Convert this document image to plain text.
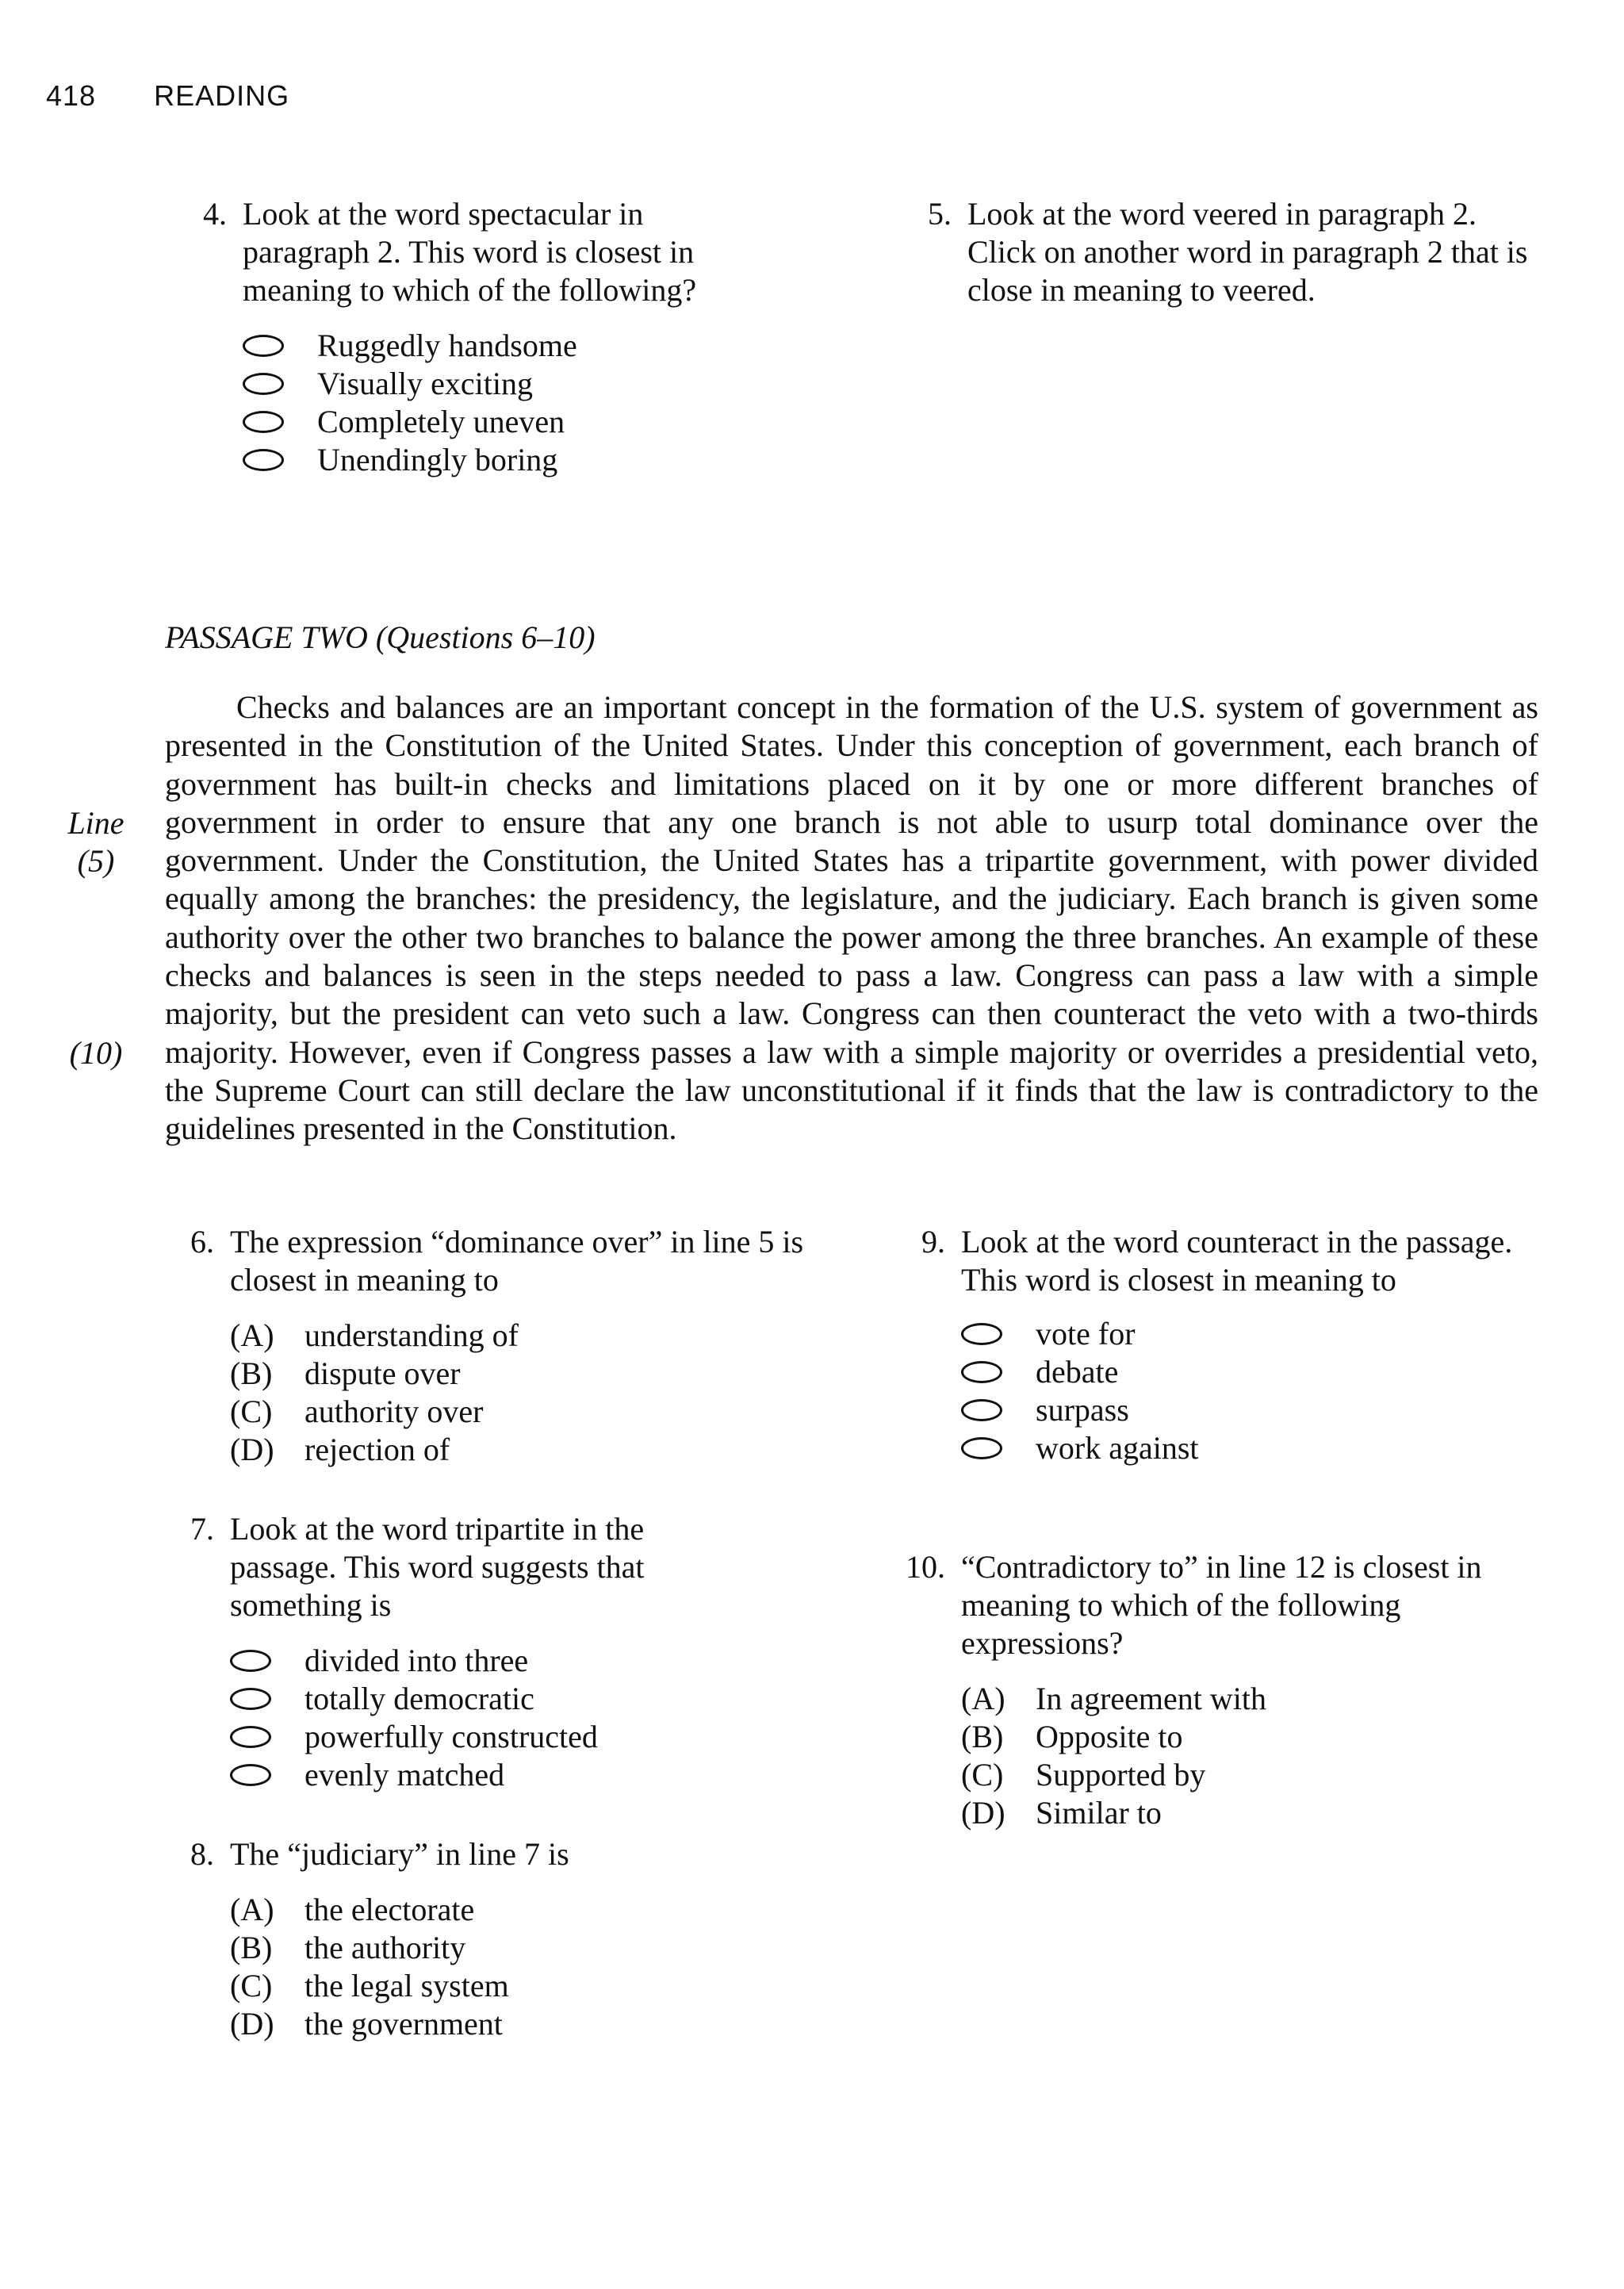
418 READING
4. Look at the word spectacular in paragraph 2. This word is closest in meaning to which of the following?
Ruggedly handsome
Visually exciting
Completely uneven
Unendingly boring
5. Look at the word veered in paragraph 2. Click on another word in paragraph 2 that is close in meaning to veered.
PASSAGE TWO (Questions 6–10)
Line
(5)
(10)

Checks and balances are an important concept in the formation of the U.S. system of government as presented in the Constitution of the United States. Under this conception of government, each branch of government has built-in checks and limitations placed on it by one or more different branches of government in order to ensure that any one branch is not able to usurp total dominance over the government. Under the Constitution, the United States has a tripartite government, with power divided equally among the branches: the presidency, the legislature, and the judiciary. Each branch is given some authority over the other two branches to balance the power among the three branches. An example of these checks and balances is seen in the steps needed to pass a law. Congress can pass a law with a simple majority, but the president can veto such a law. Congress can then counteract the veto with a two-thirds majority. However, even if Congress passes a law with a simple majority or overrides a presidential veto, the Supreme Court can still declare the law unconstitutional if it finds that the law is contradictory to the guidelines presented in the Constitution.

6. The expression “dominance over” in line 5 is closest in meaning to
(A) understanding of
(B) dispute over
(C) authority over
(D) rejection of
7. Look at the word tripartite in the passage. This word suggests that something is
divided into three
totally democratic
powerfully constructed
evenly matched
8. The “judiciary” in line 7 is
(A) the electorate
(B) the authority
(C) the legal system
(D) the government
9. Look at the word counteract in the passage. This word is closest in meaning to
vote for
debate
surpass
work against
10. “Contradictory to” in line 12 is closest in meaning to which of the following expressions?
(A) In agreement with
(B) Opposite to
(C) Supported by
(D) Similar to
